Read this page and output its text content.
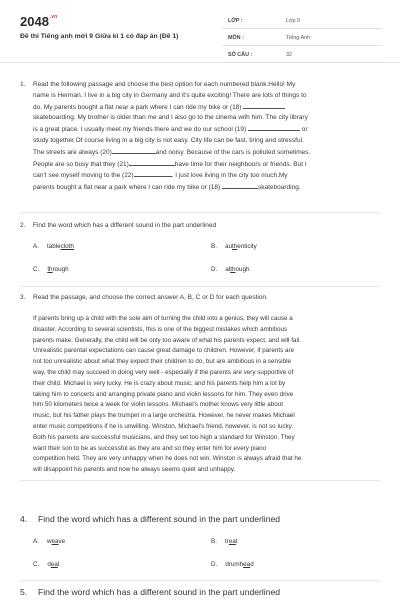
$2048^{.vn}$
Đề thi Tiếng anh mới 9 Giữa kì 1 có đáp án (Đề 1)
LỚP :	Lớp 9
MÔN :	Tiếng Anh
SỐ CÂU :	32
1. Read the following passage and choose the best option for each numbered blank.Hello! My
name is Herman. I live in a big city in Germany and it's quite exciting! There are lots of things to
do. My parents bought a flat near a park where I can ride my bike or (18)
skateboarding. My brother is older than me and I also go to the cinema with him. The city library
is a great place. I usually meet my friends there and we do our school (19)	or
study together.Of course living in a big city is not easy. City life can be fast, tiring and stressful.
The streets are always (20)	and noisy. Because of the cars is polluted sometimes.
People are so busy that they (21)	have time for their neighbours or friends. But I
can't see myself moving to the (22)	. I just love living in the city too much.My
parents bought a flat near a park where I can ride my bike or (18)	skateboarding.
2. Find the word which has a different sound in the part underlined
A. tablecloth	B. authenticity
C. through	D. although
3. Read the passage, and choose the correct answer A, B, C or D for each question.
If parents bring up a child with the sole aim of turning the child into a genius, they will cause a
disaster. According to several scientists, this is one of the biggest mistakes which ambitious
parents make. Generally, the child will be only too aware of what his parents expect, and will fail.
Unrealistic parental expectations can cause great damage to children. However, if parents are
not too unrealistic about what they expect their children to do, but are ambitious in a sensible
way, the child may succeed in doing very well - especially if the parents are very supportive of
their child. Michael is very lucky. He is crazy about music, and his parents help him a lot by
taking him to concerts and arranging private piano and violin lessons for him. They even drive
him 50 kilometers twice a week for violin lessons. Michael's mother knows very little about
music, but his father plays the trumpet in a large orchestra. However, he never makes Michael
enter music competitions if he is unwilling. Winston, Michael's friend, however, is not so lucky.
Both his parents are successful musicians, and they set too high a standard for Winston. They
want their son to be as successful as they are and so they enter him for every piano
competition held. They are very unhappy when he does not win. Winston is always afraid that he
will disappoint his parents and now he always seems quiet and unhappy.
4. Find the word which has a different sound in the part underlined
A. weave	B. treat
C. deal	D. drumhead
5. Find the word which has a different sound in the part underlined
